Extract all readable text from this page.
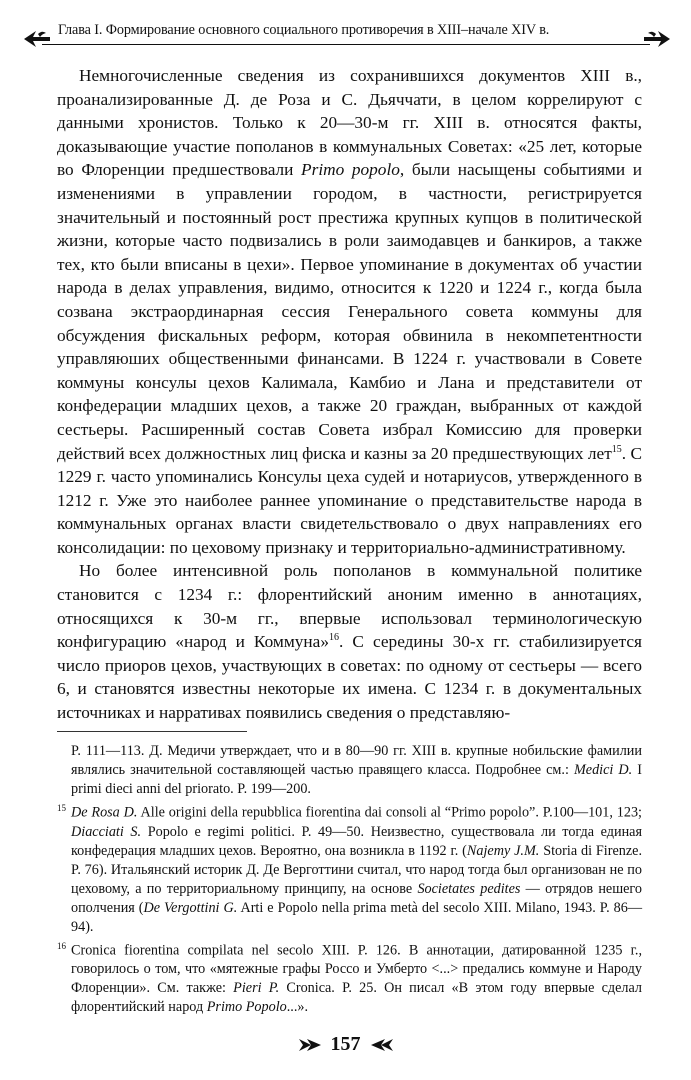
Глава I. Формирование основного социального противоречия в XIII–начале XIV в.

Немногочисленные сведения из сохранившихся документов XIII в., проанализированные Д. де Роза и С. Дьяччати, в целом коррелируют с данными хронистов. Только к 20—30-м гг. XIII в. относятся факты, доказывающие участие пополанов в коммунальных Советах: «25 лет, которые во Флоренции предшествовали Primo popolo, были насыщены событиями и изменениями в управлении городом, в частности, регистрируется значительный и постоянный рост престижа крупных купцов в политической жизни, которые часто подвизались в роли заимодавцев и банкиров, а также тех, кто были вписаны в цехи». Первое упоминание в документах об участии народа в делах управления, видимо, относится к 1220 и 1224 г., когда была созвана экстраординарная сессия Генерального совета коммуны для обсуждения фискальных реформ, которая обвинила в некомпетентности управляюших общественными финансами. В 1224 г. участвовали в Совете коммуны консулы цехов Калимала, Камбио и Лана и представители от конфедерации младших цехов, а также 20 граждан, выбранных от каждой сестьеры. Расширенный состав Совета избрал Комиссию для проверки действий всех должностных лиц фиска и казны за 20 предшествующих лет$^{15}$. С 1229 г. часто упоминались Консулы цеха судей и нотариусов, утвержденного в 1212 г. Уже это наиболее раннее упоминание о представительстве народа в коммунальных органах власти свидетельствовало о двух направлениях его консолидации: по цеховому признаку и территориально-административному.

Но более интенсивной роль пополанов в коммунальной политике становится с 1234 г.: флорентийский аноним именно в аннотациях, относящихся к 30-м гг., впервые использовал терминологическую конфигурацию «народ и Коммуна»$^{16}$. С середины 30-х гг. стабилизируется число приоров цехов, участвующих в советах: по одному от сестьеры — всего 6, и становятся известны некоторые их имена. С 1234 г. в документальных источниках и нарративах появились сведения о представляю-

P. 111—113. Д. Медичи утверждает, что и в 80—90 гг. XIII в. крупные нобильские фамилии являлись значительной составляющей частью правящего класса. Подробнее см.: Medici D. I primi dieci anni del priorato. P. 199—200.

$^{15}$ De Rosa D. Alle origini della repubblica fiorentina dai consoli al “Primo popolo”. P.100—101, 123; Diacciati S. Popolo e regimi politici. P. 49—50. Неизвестно, существовала ли тогда единая конфедерация младших цехов. Вероятно, она возникла в 1192 г. (Najemy J.M. Storia di Firenze. P. 76). Итальянский историк Д. Де Верготтини считал, что народ тогда был организован не по цеховому, а по территориальному принципу, на основе Societates pedites — отрядов нешего ополчения (De Vergottini G. Arti e Popolo nella prima metà del secolo XIII. Milano, 1943. P. 86—94).

$^{16}$ Cronica fiorentina compilata nel secolo XIII. P. 126. В аннотации, датированной 1235 г., говорилось о том, что «мятежные графы Россо и Умберто <...> предались коммуне и Народу Флоренции». См. также: Pieri P. Cronica. P. 25. Он писал «В этом году впервые сделал флорентийский народ Primo Popolo...».

157
